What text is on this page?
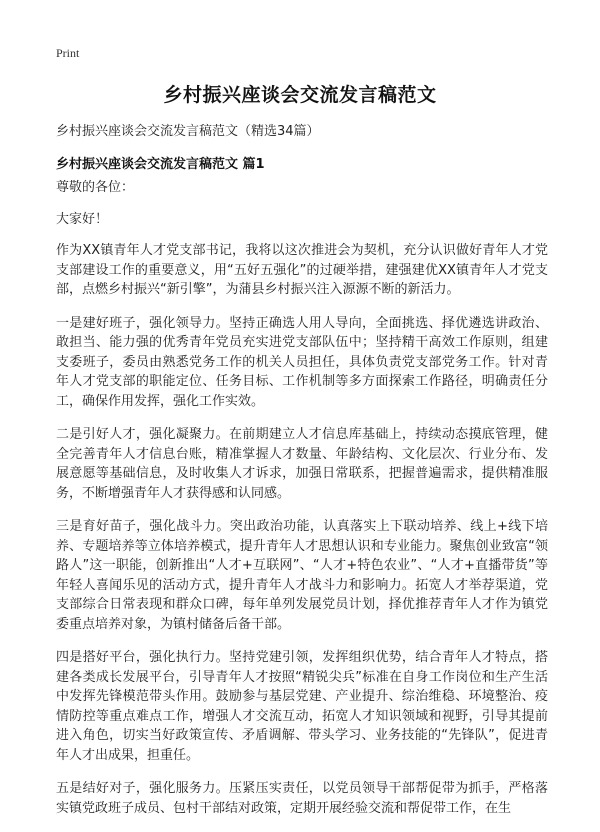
Print
乡村振兴座谈会交流发言稿范文

乡村振兴座谈会交流发言稿范文（精选34篇）

乡村振兴座谈会交流发言稿范文 篇1

尊敬的各位：

大家好！

作为XX镇青年人才党支部书记，我将以这次推进会为契机，充分认识做好青年人才党支部建设工作的重要意义，用“五好五强化”的过硬举措，建强建优XX镇青年人才党支部，点燃乡村振兴“新引擎”，为蒲县乡村振兴注入源源不断的新活力。

一是建好班子，强化领导力。坚持正确选人用人导向，全面挑选、择优遴选讲政治、敢担当、能力强的优秀青年党员充实进党支部队伍中；坚持精干高效工作原则，组建支委班子，委员由熟悉党务工作的机关人员担任，具体负责党支部党务工作。针对青年人才党支部的职能定位、任务目标、工作机制等多方面探索工作路径，明确责任分工，确保作用发挥，强化工作实效。

二是引好人才，强化凝聚力。在前期建立人才信息库基础上，持续动态摸底管理，健全完善青年人才信息台账，精准掌握人才数量、年龄结构、文化层次、行业分布、发展意愿等基础信息，及时收集人才诉求，加强日常联系，把握普遍需求，提供精准服务，不断增强青年人才获得感和认同感。

三是育好苗子，强化战斗力。突出政治功能，认真落实上下联动培养、线上+线下培养、专题培养等立体培养模式，提升青年人才思想认识和专业能力。聚焦创业致富“领路人”这一职能，创新推出“人才+互联网”、“人才+特色农业”、“人才+直播带货”等年轻人喜闻乐见的活动方式，提升青年人才战斗力和影响力。拓宽人才举荐渠道，党支部综合日常表现和群众口碑，每年单列发展党员计划，择优推荐青年人才作为镇党委重点培养对象，为镇村储备后备干部。

四是搭好平台，强化执行力。坚持党建引领，发挥组织优势，结合青年人才特点，搭建各类成长发展平台，引导青年人才按照“精锐尖兵”标准在自身工作岗位和生产生活中发挥先锋模范带头作用。鼓励参与基层党建、产业提升、综治维稳、环境整治、疫情防控等重点难点工作，增强人才交流互动，拓宽人才知识领域和视野，引导其提前进入角色，切实当好政策宣传、矛盾调解、带头学习、业务技能的“先锋队”，促进青年人才出成果，担重任。

五是结好对子，强化服务力。压紧压实责任，以党员领导干部帮促带为抓手，严格落实镇党政班子成员、包村干部结对政策，定期开展经验交流和帮促带工作，在生
